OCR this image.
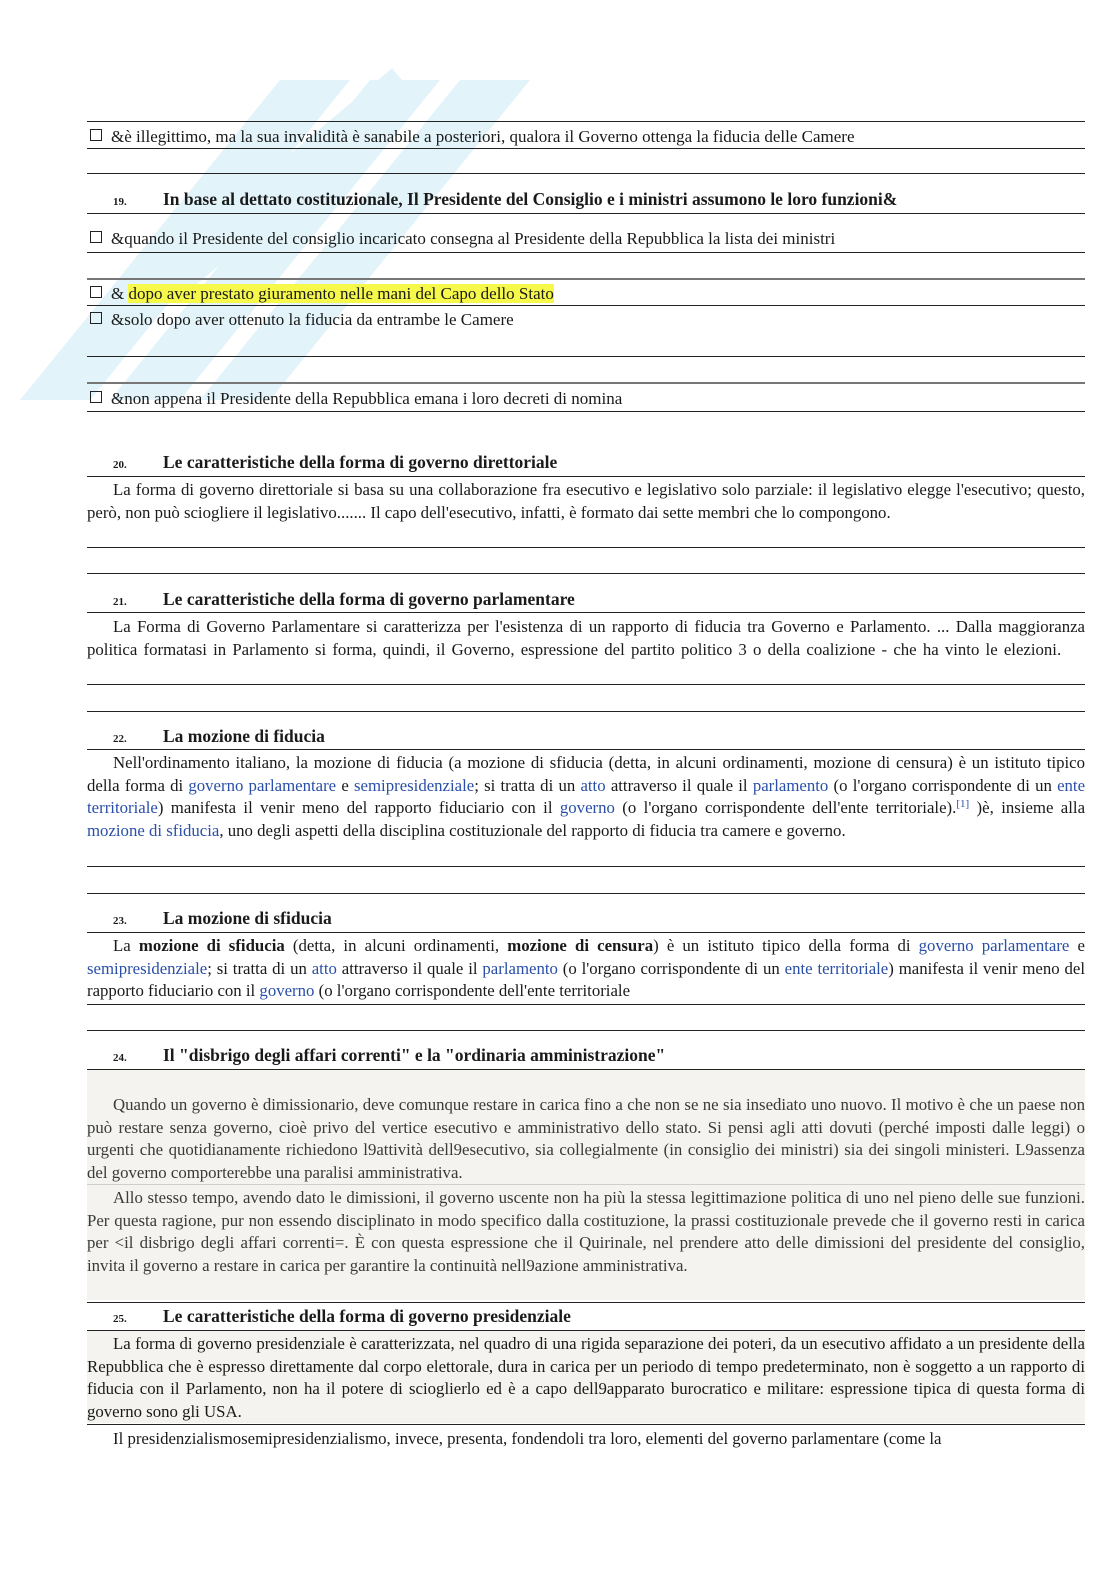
&è illegittimo, ma la sua invalidità è sanabile a posteriori, qualora il Governo ottenga la fiducia delle Camere
19. In base al dettato costituzionale, Il Presidente del Consiglio e i ministri assumono le loro funzioni&
&quando il Presidente del consiglio incaricato consegna al Presidente della Repubblica la lista dei ministri
& dopo aver prestato giuramento nelle mani del Capo dello Stato
&solo dopo aver ottenuto la fiducia da entrambe le Camere
&non appena il Presidente della Repubblica emana i loro decreti di nomina
20. Le caratteristiche della forma di governo direttoriale
La forma di governo direttoriale si basa su una collaborazione fra esecutivo e legislativo solo parziale: il legislativo elegge l'esecutivo; questo, però, non può sciogliere il legislativo....... Il capo dell'esecutivo, infatti, è formato dai sette membri che lo compongono.
21. Le caratteristiche della forma di governo parlamentare
La Forma di Governo Parlamentare si caratterizza per l'esistenza di un rapporto di fiducia tra Governo e Parlamento. ... Dalla maggioranza politica formatasi in Parlamento si forma, quindi, il Governo, espressione del partito politico 3 o della coalizione - che ha vinto le elezioni.
22. La mozione di fiducia
Nell'ordinamento italiano, la mozione di fiducia (a mozione di sfiducia (detta, in alcuni ordinamenti, mozione di censura) è un istituto tipico della forma di governo parlamentare e semipresidenziale; si tratta di un atto attraverso il quale il parlamento (o l'organo corrispondente di un ente territoriale) manifesta il venir meno del rapporto fiduciario con il governo (o l'organo corrispondente dell'ente territoriale).[1] )è, insieme alla mozione di sfiducia, uno degli aspetti della disciplina costituzionale del rapporto di fiducia tra camere e governo.
23. La mozione di sfiducia
La mozione di sfiducia (detta, in alcuni ordinamenti, mozione di censura) è un istituto tipico della forma di governo parlamentare e semipresidenziale; si tratta di un atto attraverso il quale il parlamento (o l'organo corrispondente di un ente territoriale) manifesta il venir meno del rapporto fiduciario con il governo (o l'organo corrispondente dell'ente territoriale
24. Il "disbrigo degli affari correnti" e la "ordinaria amministrazione"
Quando un governo è dimissionario, deve comunque restare in carica fino a che non se ne sia insediato uno nuovo. Il motivo è che un paese non può restare senza governo, cioè privo del vertice esecutivo e amministrativo dello stato. Si pensi agli atti dovuti (perché imposti dalle leggi) o urgenti che quotidianamente richiedono l9attività dell9esecutivo, sia collegialmente (in consiglio dei ministri) sia dei singoli ministeri. L9assenza del governo comporterebbe una paralisi amministrativa.
Allo stesso tempo, avendo dato le dimissioni, il governo uscente non ha più la stessa legittimazione politica di uno nel pieno delle sue funzioni. Per questa ragione, pur non essendo disciplinato in modo specifico dalla costituzione, la prassi costituzionale prevede che il governo resti in carica per <il disbrigo degli affari correnti=. È con questa espressione che il Quirinale, nel prendere atto delle dimissioni del presidente del consiglio, invita il governo a restare in carica per garantire la continuità nell9azione amministrativa.
25. Le caratteristiche della forma di governo presidenziale
La forma di governo presidenziale è caratterizzata, nel quadro di una rigida separazione dei poteri, da un esecutivo affidato a un presidente della Repubblica che è espresso direttamente dal corpo elettorale, dura in carica per un periodo di tempo predeterminato, non è soggetto a un rapporto di fiducia con il Parlamento, non ha il potere di scioglierlo ed è a capo dell9apparato burocratico e militare: espressione tipica di questa forma di governo sono gli USA.
Il presidenzialismosemipresidenzialismo, invece, presenta, fondendoli tra loro, elementi del governo parlamentare (come la
